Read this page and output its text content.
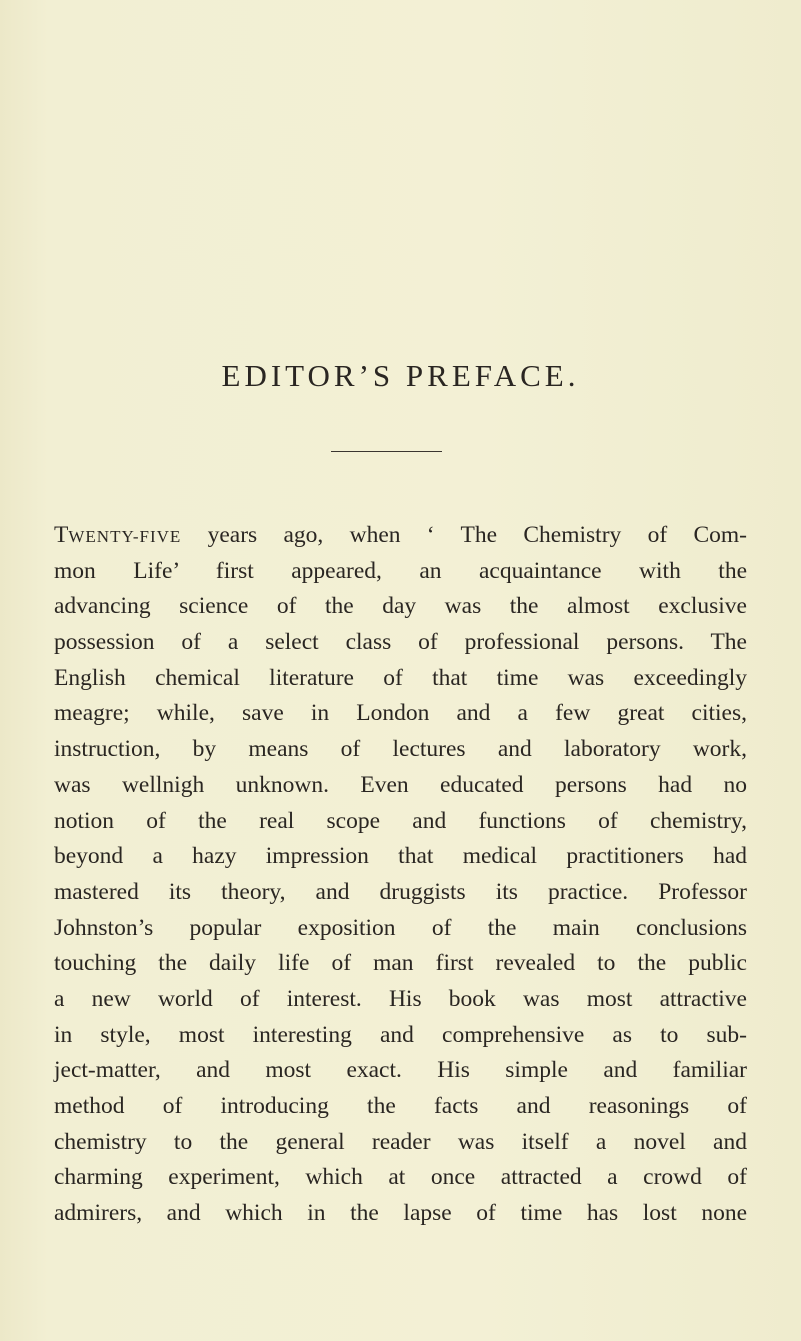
EDITOR’S PREFACE.
TWENTY-FIVE years ago, when ‘ The Chemistry of Com-
mon Life’ first appeared, an acquaintance with the
advancing science of the day was the almost exclusive
possession of a select class of professional persons. The
English chemical literature of that time was exceedingly
meagre; while, save in London and a few great cities,
instruction, by means of lectures and laboratory work,
was wellnigh unknown. Even educated persons had no
notion of the real scope and functions of chemistry,
beyond a hazy impression that medical practitioners had
mastered its theory, and druggists its practice. Professor
Johnston’s popular exposition of the main conclusions
touching the daily life of man first revealed to the public
a new world of interest. His book was most attractive
in style, most interesting and comprehensive as to sub-
ject-matter, and most exact. His simple and familiar
method of introducing the facts and reasonings of
chemistry to the general reader was itself a novel and
charming experiment, which at once attracted a crowd of
admirers, and which in the lapse of time has lost none
